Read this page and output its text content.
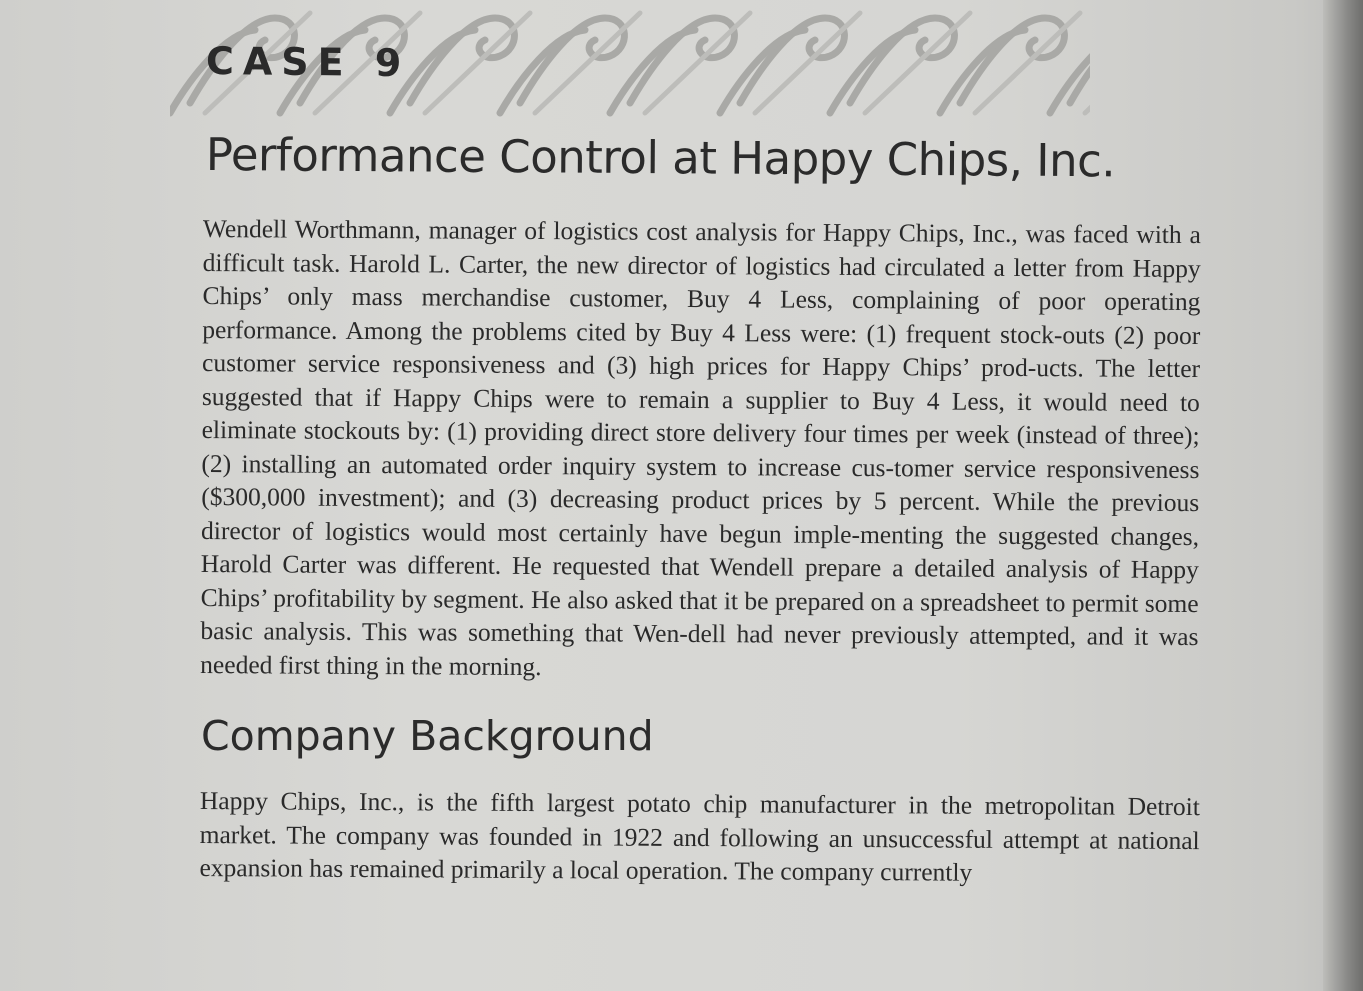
CASE 9
Performance Control at Happy Chips, Inc.

Wendell Worthmann, manager of logistics cost analysis for Happy Chips, Inc., was faced with a difficult task. Harold L. Carter, the new director of logistics had circulated a letter from Happy Chips’ only mass merchandise customer, Buy 4 Less, complaining of poor operating performance. Among the problems cited by Buy 4 Less were: (1) frequent stock-outs (2) poor customer service responsiveness and (3) high prices for Happy Chips’ prod-ucts. The letter suggested that if Happy Chips were to remain a supplier to Buy 4 Less, it would need to eliminate stockouts by: (1) providing direct store delivery four times per week (instead of three); (2) installing an automated order inquiry system to increase cus-tomer service responsiveness ($300,000 investment); and (3) decreasing product prices by 5 percent. While the previous director of logistics would most certainly have begun imple-menting the suggested changes, Harold Carter was different. He requested that Wendell prepare a detailed analysis of Happy Chips’ profitability by segment. He also asked that it be prepared on a spreadsheet to permit some basic analysis. This was something that Wen-dell had never previously attempted, and it was needed first thing in the morning.

Company Background

Happy Chips, Inc., is the fifth largest potato chip manufacturer in the metropolitan Detroit market. The company was founded in 1922 and following an unsuccessful attempt at national expansion has remained primarily a local operation. The company currently
